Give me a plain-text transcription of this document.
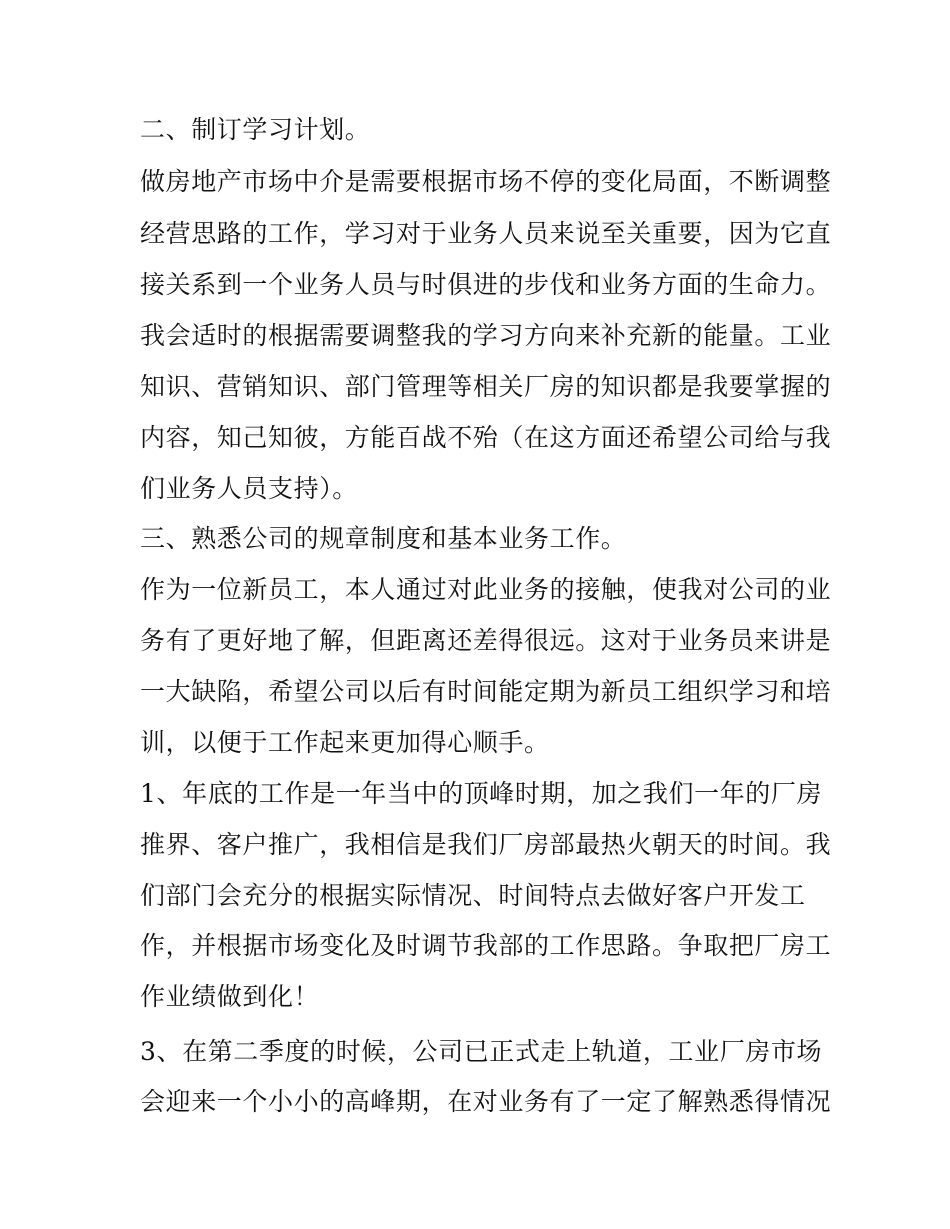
二、制订学习计划。
做房地产市场中介是需要根据市场不停的变化局面，不断调整
经营思路的工作，学习对于业务人员来说至关重要，因为它直
接关系到一个业务人员与时俱进的步伐和业务方面的生命力。
我会适时的根据需要调整我的学习方向来补充新的能量。工业
知识、营销知识、部门管理等相关厂房的知识都是我要掌握的
内容，知己知彼，方能百战不殆（在这方面还希望公司给与我
们业务人员支持）。
三、熟悉公司的规章制度和基本业务工作。
作为一位新员工，本人通过对此业务的接触，使我对公司的业
务有了更好地了解，但距离还差得很远。这对于业务员来讲是
一大缺陷，希望公司以后有时间能定期为新员工组织学习和培
训，以便于工作起来更加得心顺手。
1、年底的工作是一年当中的顶峰时期，加之我们一年的厂房
推界、客户推广，我相信是我们厂房部最热火朝天的时间。我
们部门会充分的根据实际情况、时间特点去做好客户开发工
作，并根据市场变化及时调节我部的工作思路。争取把厂房工
作业绩做到化！
3、在第二季度的时候，公司已正式走上轨道，工业厂房市场
会迎来一个小小的高峰期，在对业务有了一定了解熟悉得情况
